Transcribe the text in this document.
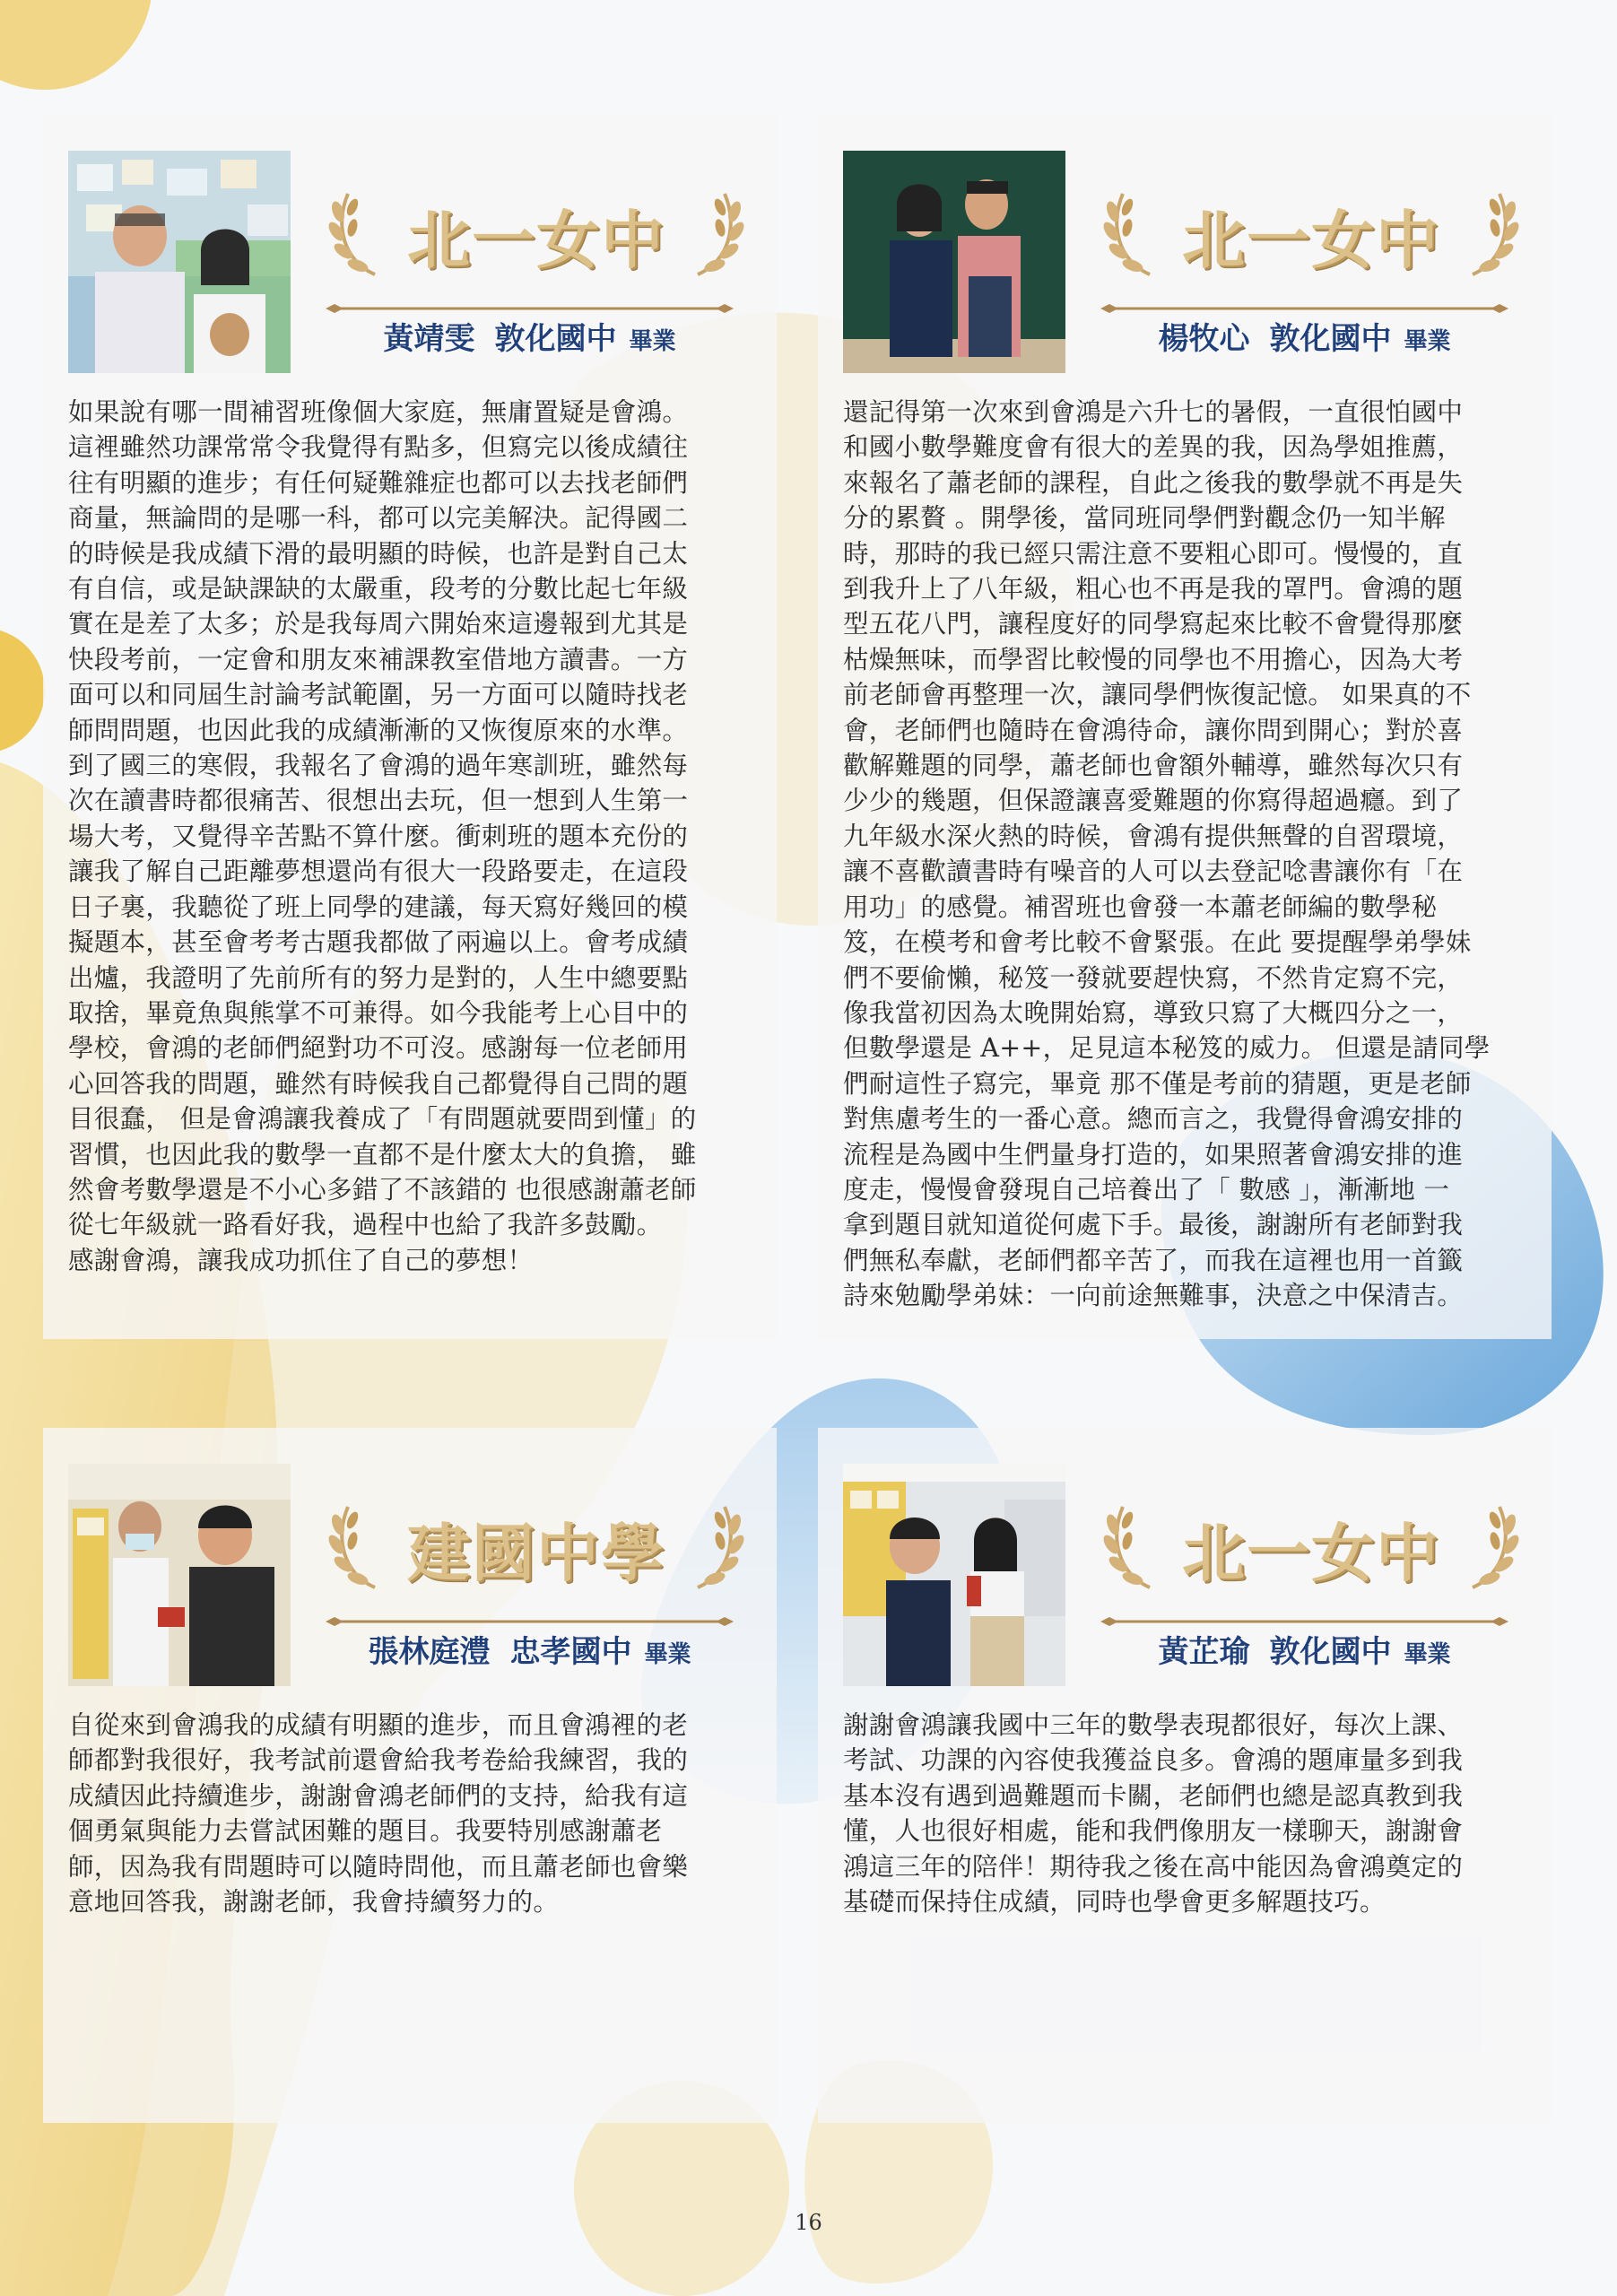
北一女中
黃靖雯 敦化國中 畢業
如果說有哪一間補習班像個大家庭，無庸置疑是會鴻。
這裡雖然功課常常令我覺得有點多，但寫完以後成績往
往有明顯的進步；有任何疑難雜症也都可以去找老師們
商量，無論問的是哪一科，都可以完美解決。記得國二
的時候是我成績下滑的最明顯的時候，也許是對自己太
有自信，或是缺課缺的太嚴重，段考的分數比起七年級
實在是差了太多；於是我每周六開始來這邊報到尤其是
快段考前，一定會和朋友來補課教室借地方讀書。一方
面可以和同屆生討論考試範圍，另一方面可以隨時找老
師問問題，也因此我的成績漸漸的又恢復原來的水準。
到了國三的寒假，我報名了會鴻的過年寒訓班，雖然每
次在讀書時都很痛苦、很想出去玩，但一想到人生第一
場大考，又覺得辛苦點不算什麼。衝刺班的題本充份的
讓我了解自己距離夢想還尚有很大一段路要走，在這段
日子裏，我聽從了班上同學的建議，每天寫好幾回的模
擬題本，甚至會考考古題我都做了兩遍以上。會考成績
出爐，我證明了先前所有的努力是對的，人生中總要點
取捨，畢竟魚與熊掌不可兼得。如今我能考上心目中的
學校，會鴻的老師們絕對功不可沒。感謝每一位老師用
心回答我的問題，雖然有時候我自己都覺得自己問的題
目很蠢， 但是會鴻讓我養成了「有問題就要問到懂」的
習慣，也因此我的數學一直都不是什麼太大的負擔， 雖
然會考數學還是不小心多錯了不該錯的 也很感謝蕭老師
從七年級就一路看好我，過程中也給了我許多鼓勵。
感謝會鴻，讓我成功抓住了自己的夢想！
北一女中
楊牧心 敦化國中 畢業
還記得第一次來到會鴻是六升七的暑假，一直很怕國中
和國小數學難度會有很大的差異的我，因為學姐推薦，
來報名了蕭老師的課程，自此之後我的數學就不再是失
分的累贅 。開學後，當同班同學們對觀念仍一知半解
時，那時的我已經只需注意不要粗心即可。慢慢的，直
到我升上了八年級，粗心也不再是我的罩門。會鴻的題
型五花八門，讓程度好的同學寫起來比較不會覺得那麼
枯燥無味，而學習比較慢的同學也不用擔心，因為大考
前老師會再整理一次，讓同學們恢復記憶。 如果真的不
會，老師們也隨時在會鴻待命，讓你問到開心；對於喜
歡解難題的同學，蕭老師也會額外輔導，雖然每次只有
少少的幾題，但保證讓喜愛難題的你寫得超過癮。到了
九年級水深火熱的時候，會鴻有提供無聲的自習環境，
讓不喜歡讀書時有噪音的人可以去登記唸書讓你有「在
用功」的感覺。補習班也會發一本蕭老師編的數學秘
笈，在模考和會考比較不會緊張。在此 要提醒學弟學妹
們不要偷懶，秘笈一發就要趕快寫，不然肯定寫不完，
像我當初因為太晚開始寫，導致只寫了大概四分之一，
但數學還是 A++，足見這本秘笈的威力。 但還是請同學
們耐這性子寫完，畢竟 那不僅是考前的猜題，更是老師
對焦慮考生的一番心意。總而言之，我覺得會鴻安排的
流程是為國中生們量身打造的，如果照著會鴻安排的進
度走，慢慢會發現自己培養出了「 數感 」，漸漸地 一
拿到題目就知道從何處下手。最後，謝謝所有老師對我
們無私奉獻，老師們都辛苦了，而我在這裡也用一首籤
詩來勉勵學弟妹：一向前途無難事，決意之中保清吉。
建國中學
張林庭澧 忠孝國中 畢業
自從來到會鴻我的成績有明顯的進步，而且會鴻裡的老
師都對我很好，我考試前還會給我考卷給我練習，我的
成績因此持續進步，謝謝會鴻老師們的支持，給我有這
個勇氣與能力去嘗試困難的題目。我要特別感謝蕭老
師，因為我有問題時可以隨時問他，而且蕭老師也會樂
意地回答我，謝謝老師，我會持續努力的。
北一女中
黃芷瑜 敦化國中 畢業
謝謝會鴻讓我國中三年的數學表現都很好，每次上課、
考試、功課的內容使我獲益良多。會鴻的題庫量多到我
基本沒有遇到過難題而卡關，老師們也總是認真教到我
懂，人也很好相處，能和我們像朋友一樣聊天，謝謝會
鴻這三年的陪伴！期待我之後在高中能因為會鴻奠定的
基礎而保持住成績，同時也學會更多解題技巧。
16
